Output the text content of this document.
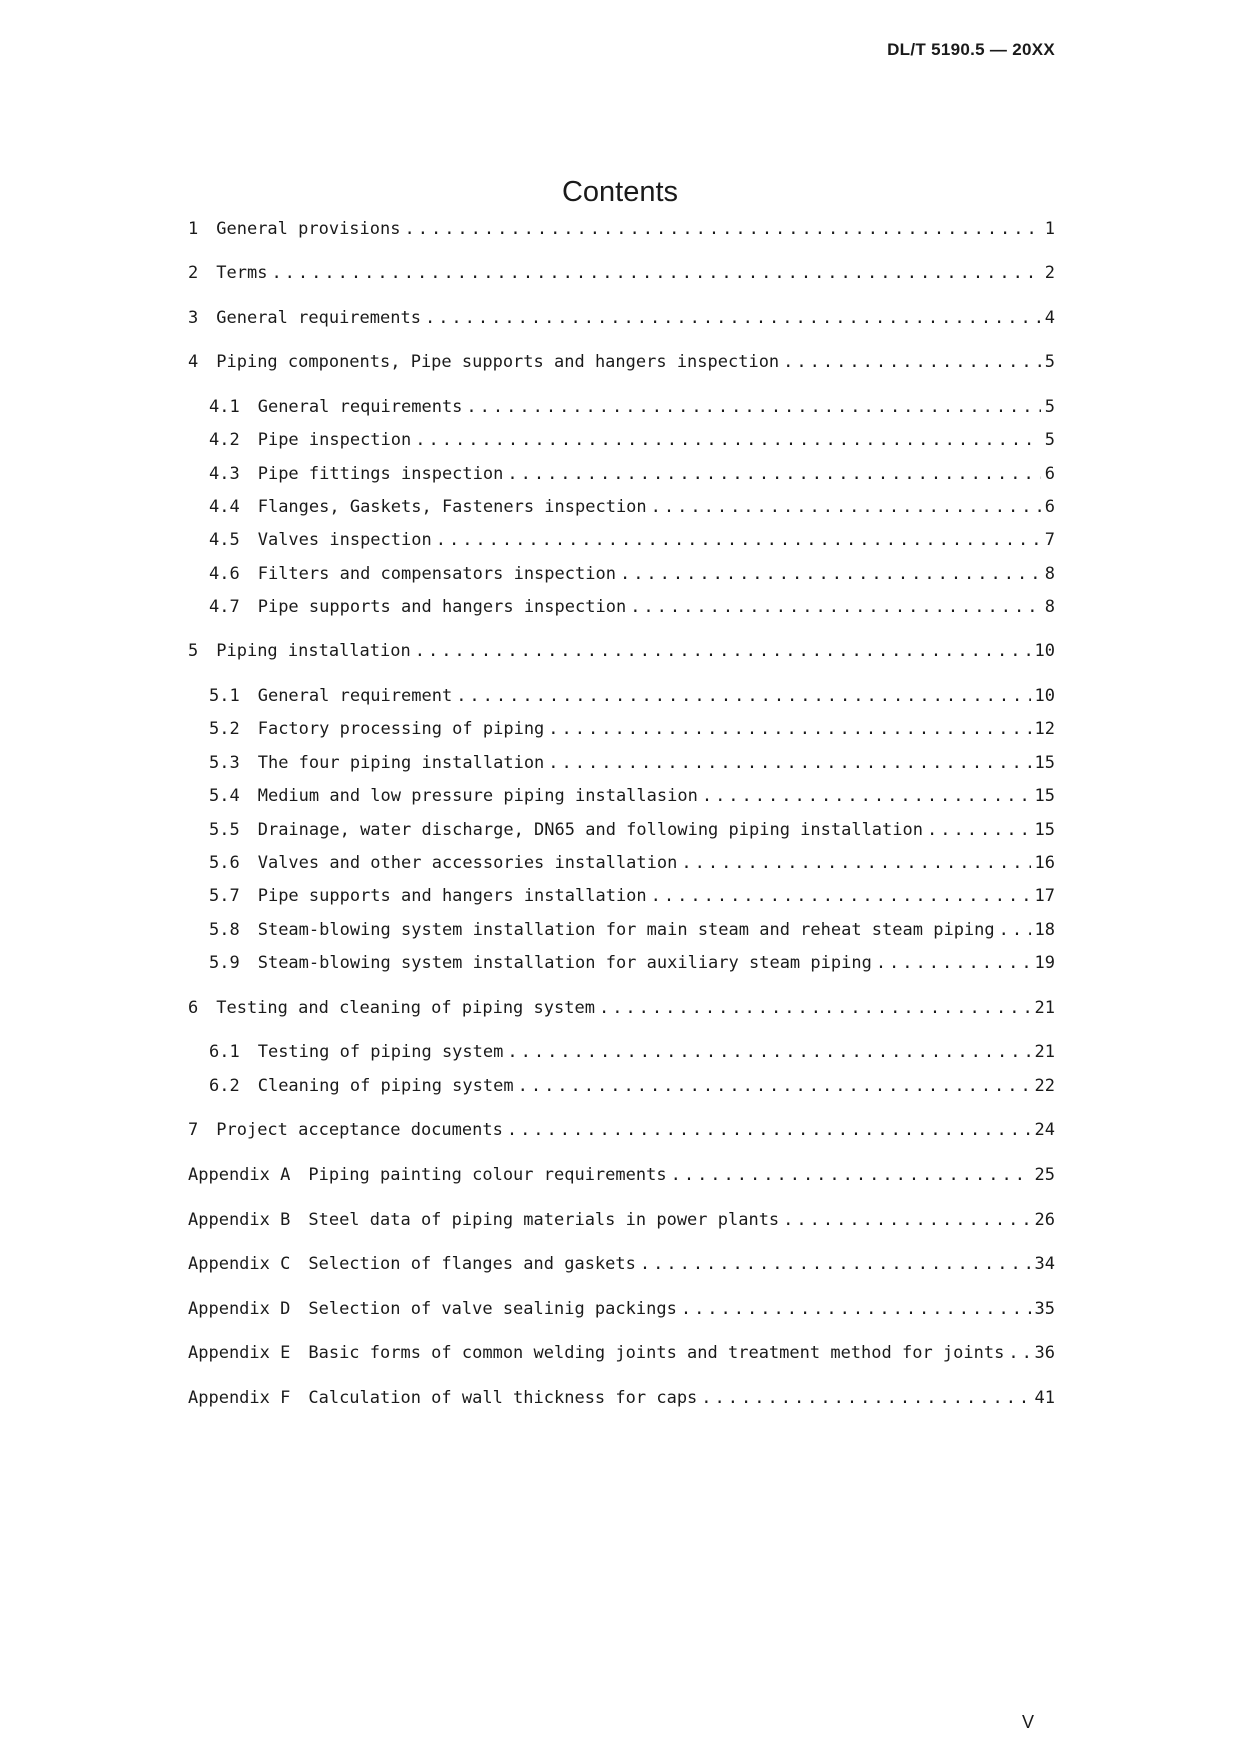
DL/T 5190.5 — 20XX
Contents
1 General provisions .....	1
2 Terms .....	2
3 General requirements .....	4
4 Piping components, Pipe supports and hangers inspection .....	5
4.1 General requirements .....	5
4.2 Pipe inspection .....	5
4.3 Pipe fittings inspection .....	6
4.4 Flanges, Gaskets, Fasteners inspection .....	6
4.5 Valves inspection .....	7
4.6 Filters and compensators inspection .....	8
4.7 Pipe supports and hangers inspection .....	8
5 Piping installation .....	10
5.1 General requirement .....	10
5.2 Factory processing of piping .....	12
5.3 The four piping installation .....	15
5.4 Medium and low pressure piping installasion .....	15
5.5 Drainage, water discharge, DN65 and following piping installation .....	15
5.6 Valves and other accessories installation .....	16
5.7 Pipe supports and hangers installation .....	17
5.8 Steam-blowing system installation for main steam and reheat steam piping ..... 18
5.9 Steam-blowing system installation for auxiliary steam piping .....	19
6 Testing and cleaning of piping system .....	21
6.1 Testing of piping system .....	21
6.2 Cleaning of piping system .....	22
7 Project acceptance documents .....	24
Appendix A Piping painting colour requirements .....	25
Appendix B Steel data of piping materials in power plants .....	26
Appendix C Selection of flanges and gaskets .....	34
Appendix D Selection of valve sealinig packings .....	35
Appendix E Basic forms of common welding joints and treatment method for joints ..... 36
Appendix F Calculation of wall thickness for caps .....	41
V
